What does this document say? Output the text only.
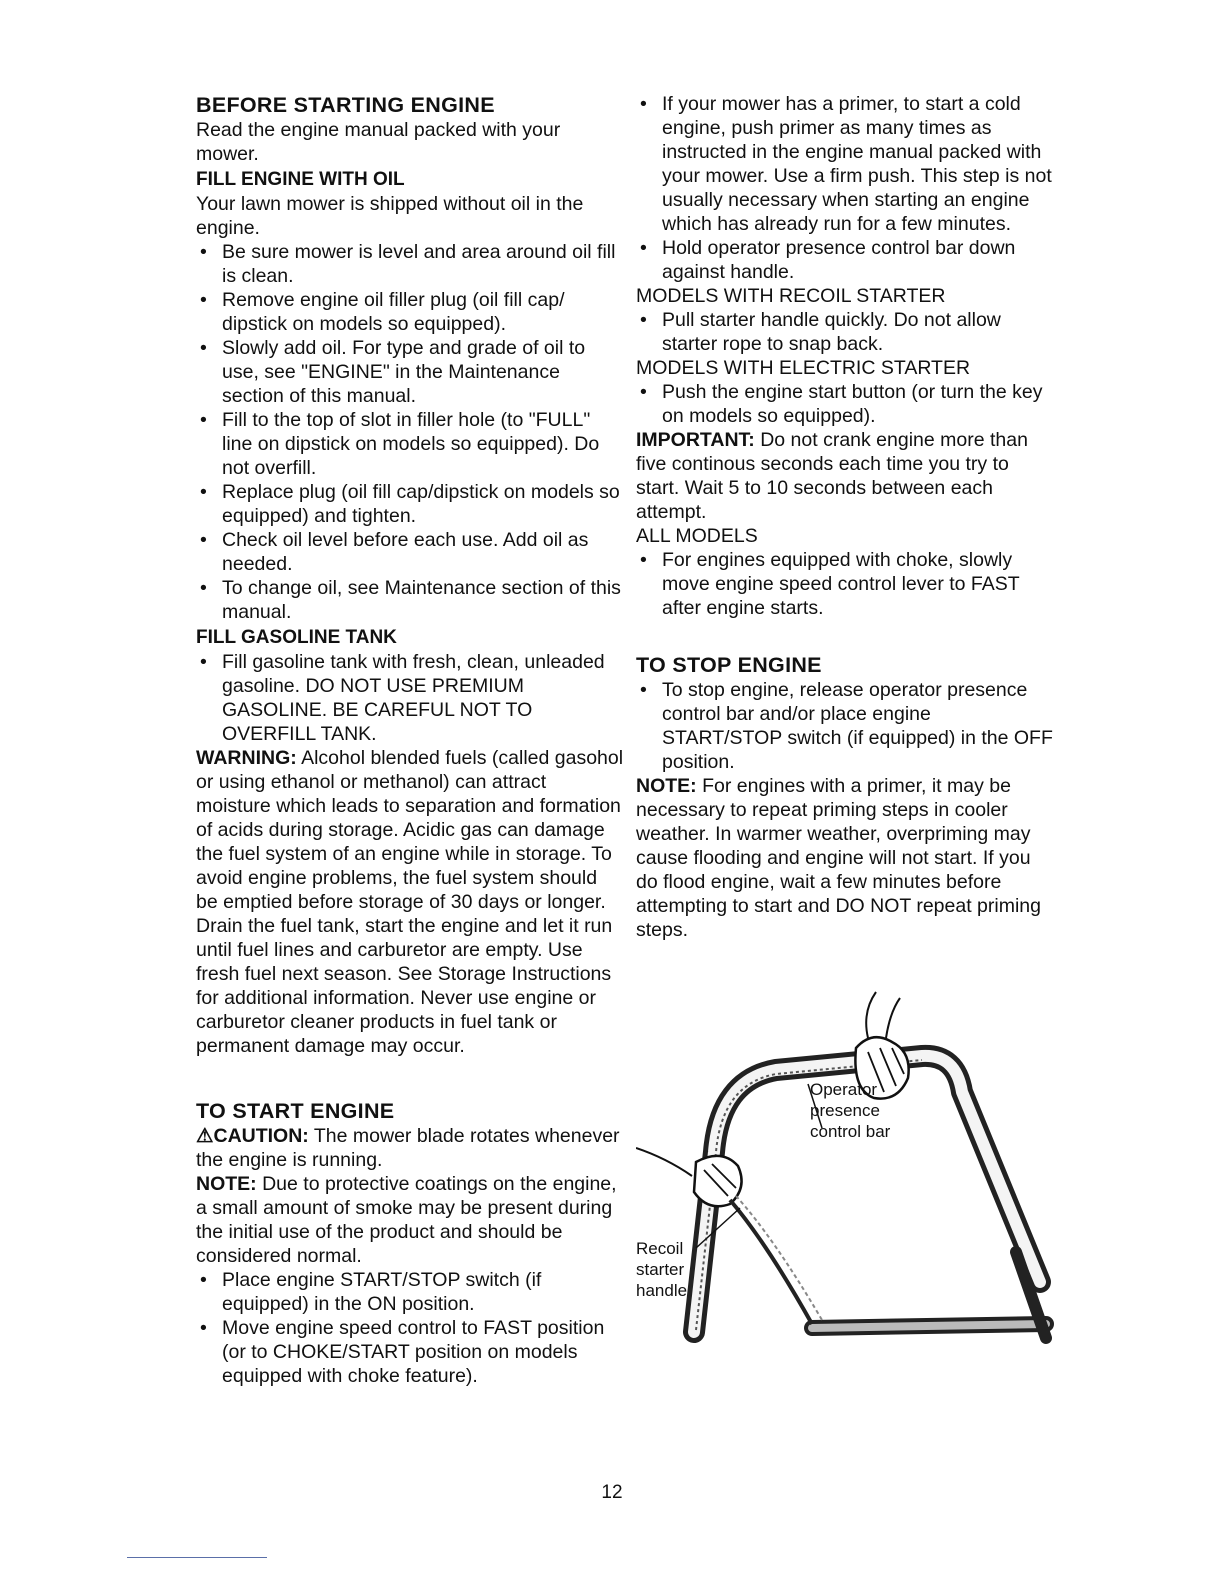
BEFORE STARTING ENGINE

Read the engine manual packed with your mower.

FILL ENGINE WITH OIL

Your lawn mower is shipped without oil in the engine.

• Be sure mower is level and area around oil fill is clean.
• Remove engine oil filler plug (oil fill cap/ dipstick on models so equipped).
• Slowly add oil. For type and grade of oil to use, see "ENGINE" in the Maintenance section of this manual.
• Fill to the top of slot in filler hole (to "FULL" line on dipstick on models so equipped). Do not overfill.
• Replace plug (oil fill cap/dipstick on models so equipped) and tighten.
• Check oil level before each use. Add oil as needed.
• To change oil, see Maintenance section of this manual.
FILL GASOLINE TANK
• Fill gasoline tank with fresh, clean, unleaded gasoline. DO NOT USE PREMIUM GASOLINE. BE CAREFUL NOT TO OVERFILL TANK.

WARNING: Alcohol blended fuels (called gasohol or using ethanol or methanol) can attract moisture which leads to separation and formation of acids during storage. Acidic gas can damage the fuel system of an engine while in storage. To avoid engine problems, the fuel system should be emptied before storage of 30 days or longer. Drain the fuel tank, start the engine and let it run until fuel lines and carburetor are empty. Use fresh fuel next season. See Storage Instructions for additional information. Never use engine or carburetor cleaner products in fuel tank or permanent damage may occur.

TO START ENGINE

⚠CAUTION: The mower blade rotates whenever the engine is running.

NOTE: Due to protective coatings on the engine, a small amount of smoke may be present during the initial use of the product and should be considered normal.

• Place engine START/STOP switch (if equipped) in the ON position.
• Move engine speed control to FAST position (or to CHOKE/START position on models equipped with choke feature).
• If your mower has a primer, to start a cold engine, push primer as many times as instructed in the engine manual packed with your mower. Use a firm push. This step is not usually necessary when starting an engine which has already run for a few minutes.
• Hold operator presence control bar down against handle.
MODELS WITH RECOIL STARTER
• Pull starter handle quickly. Do not allow starter rope to snap back.
MODELS WITH ELECTRIC STARTER
• Push the engine start button (or turn the key on models so equipped).

IMPORTANT: Do not crank engine more than five continous seconds each time you try to start. Wait 5 to 10 seconds between each attempt.

ALL MODELS
• For engines equipped with choke, slowly move engine speed control lever to FAST after engine starts.
TO STOP ENGINE
• To stop engine, release operator presence control bar and/or place engine START/STOP switch (if equipped) in the OFF position.

NOTE: For engines with a primer, it may be necessary to repeat priming steps in cooler weather. In warmer weather, overpriming may cause flooding and engine will not start. If you do flood engine, wait a few minutes before attempting to start and DO NOT repeat priming steps.

Operator
presence
control bar
Recoil
starter
handle
12
